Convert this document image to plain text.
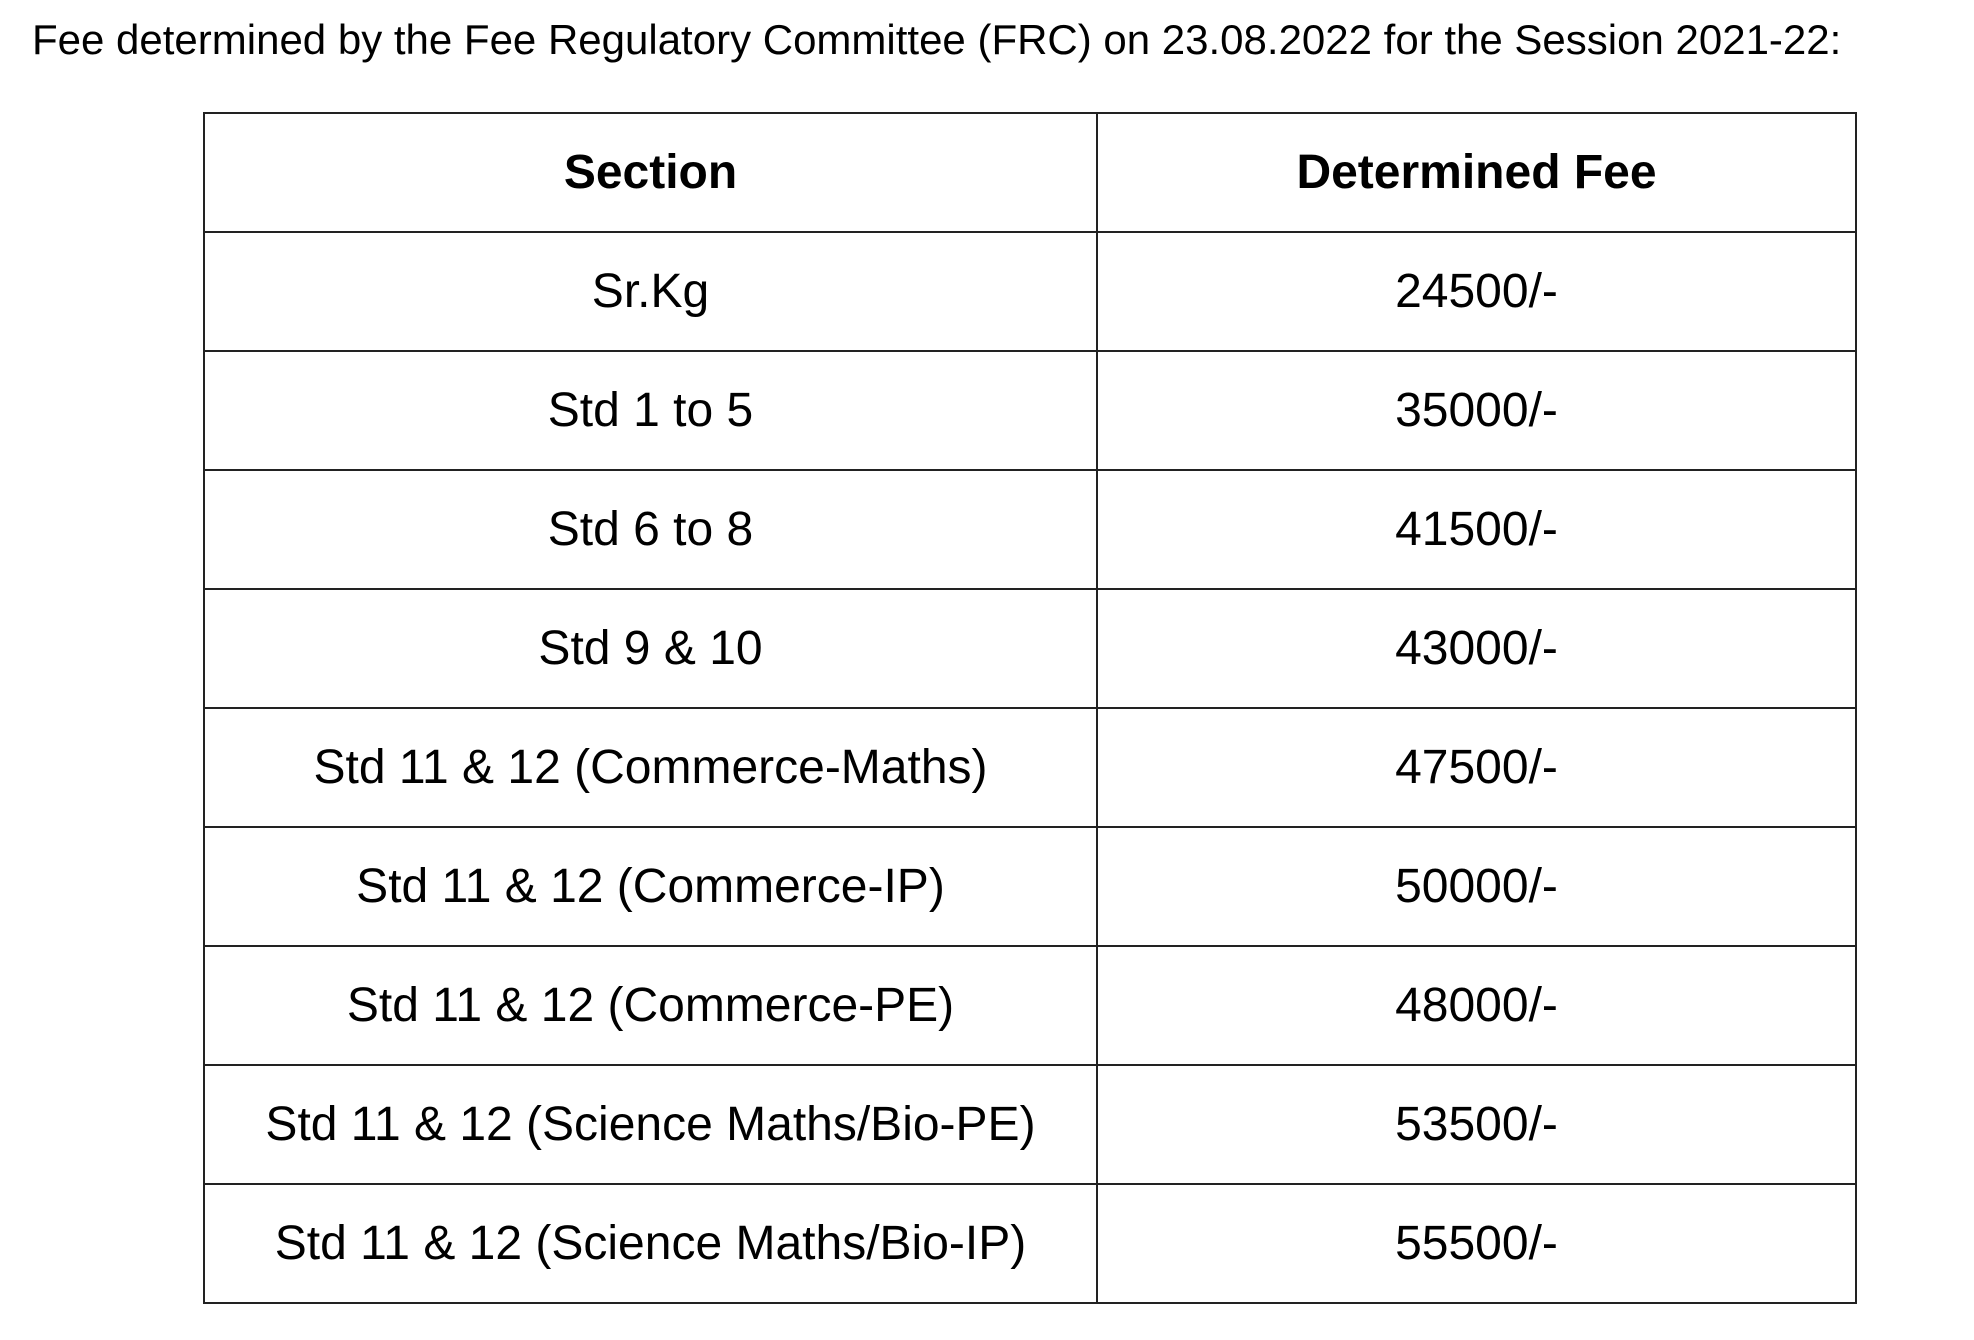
Fee determined by the Fee Regulatory Committee (FRC) on 23.08.2022 for the Session 2021-22:
Section	Determined Fee
Sr.Kg	24500/-
Std 1 to 5	35000/-
Std 6 to 8	41500/-
Std 9 & 10	43000/-
Std 11 & 12 (Commerce-Maths)	47500/-
Std 11 & 12 (Commerce-IP)	50000/-
Std 11 & 12 (Commerce-PE)	48000/-
Std 11 & 12 (Science Maths/Bio-PE)	53500/-
Std 11 & 12 (Science Maths/Bio-IP)	55500/-
